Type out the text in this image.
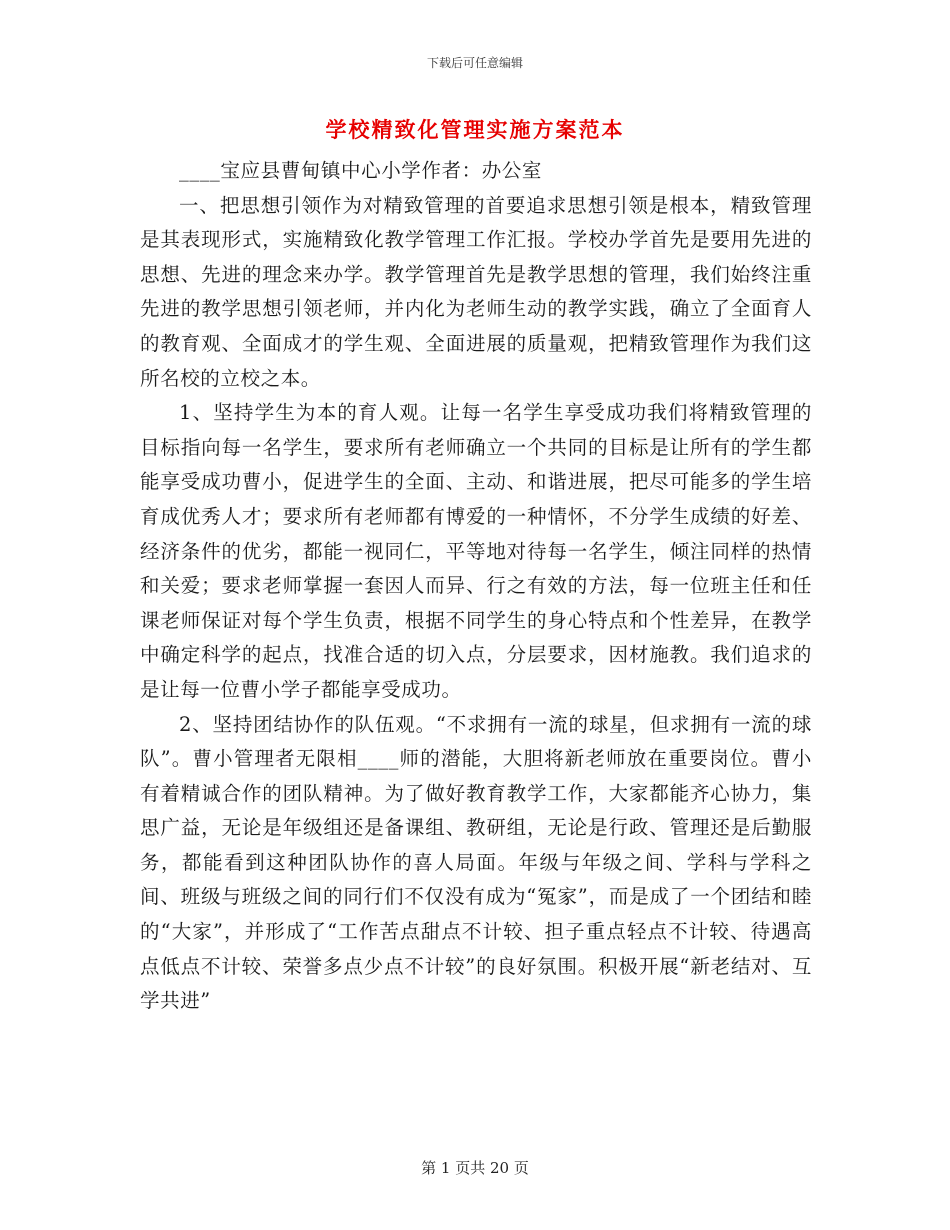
下载后可任意编辑
学校精致化管理实施方案范本

____宝应县曹甸镇中心小学作者：办公室

一、把思想引领作为对精致管理的首要追求思想引领是根本，精致管理是其表现形式，实施精致化教学管理工作汇报。学校办学首先是要用先进的思想、先进的理念来办学。教学管理首先是教学思想的管理，我们始终注重先进的教学思想引领老师，并内化为老师生动的教学实践，确立了全面育人的教育观、全面成才的学生观、全面进展的质量观，把精致管理作为我们这所名校的立校之本。

1、坚持学生为本的育人观。让每一名学生享受成功我们将精致管理的目标指向每一名学生，要求所有老师确立一个共同的目标是让所有的学生都能享受成功曹小，促进学生的全面、主动、和谐进展，把尽可能多的学生培育成优秀人才；要求所有老师都有博爱的一种情怀，不分学生成绩的好差、经济条件的优劣，都能一视同仁，平等地对待每一名学生，倾注同样的热情和关爱；要求老师掌握一套因人而异、行之有效的方法，每一位班主任和任课老师保证对每个学生负责，根据不同学生的身心特点和个性差异，在教学中确定科学的起点，找准合适的切入点，分层要求，因材施教。我们追求的是让每一位曹小学子都能享受成功。

2、坚持团结协作的队伍观。“不求拥有一流的球星，但求拥有一流的球队”。曹小管理者无限相____师的潜能，大胆将新老师放在重要岗位。曹小有着精诚合作的团队精神。为了做好教育教学工作，大家都能齐心协力，集思广益，无论是年级组还是备课组、教研组，无论是行政、管理还是后勤服务，都能看到这种团队协作的喜人局面。年级与年级之间、学科与学科之间、班级与班级之间的同行们不仅没有成为“冤家”，而是成了一个团结和睦的“大家”，并形成了“工作苦点甜点不计较、担子重点轻点不计较、待遇高点低点不计较、荣誉多点少点不计较”的良好氛围。积极开展“新老结对、互学共进”

第 1 页共 20 页
